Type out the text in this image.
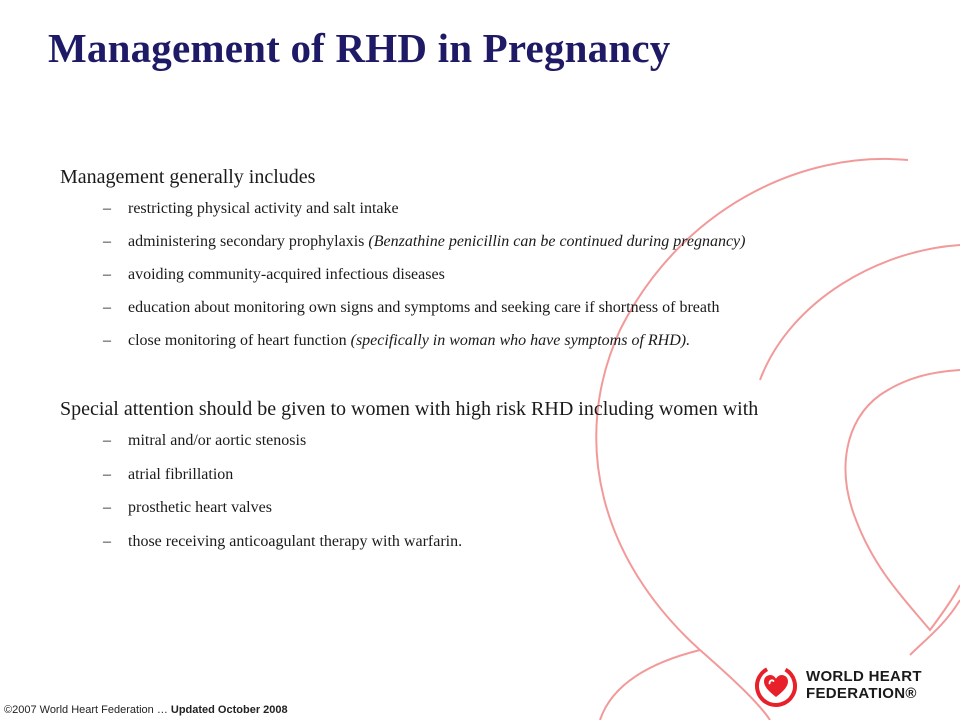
Management of RHD in Pregnancy
Management generally includes
– restricting physical activity and salt intake
– administering secondary prophylaxis (Benzathine penicillin can be continued during pregnancy)
– avoiding community-acquired infectious diseases
– education about monitoring own signs and symptoms and seeking care if shortness of breath
– close monitoring of heart function (specifically in woman who have symptoms of RHD).
Special attention should be given to women with high risk RHD including women with
– mitral and/or aortic stenosis
– atrial fibrillation
– prosthetic heart valves
– those receiving anticoagulant therapy with warfarin.
©2007 World Heart Federation … Updated October 2008
WORLD HEART
FEDERATION®
